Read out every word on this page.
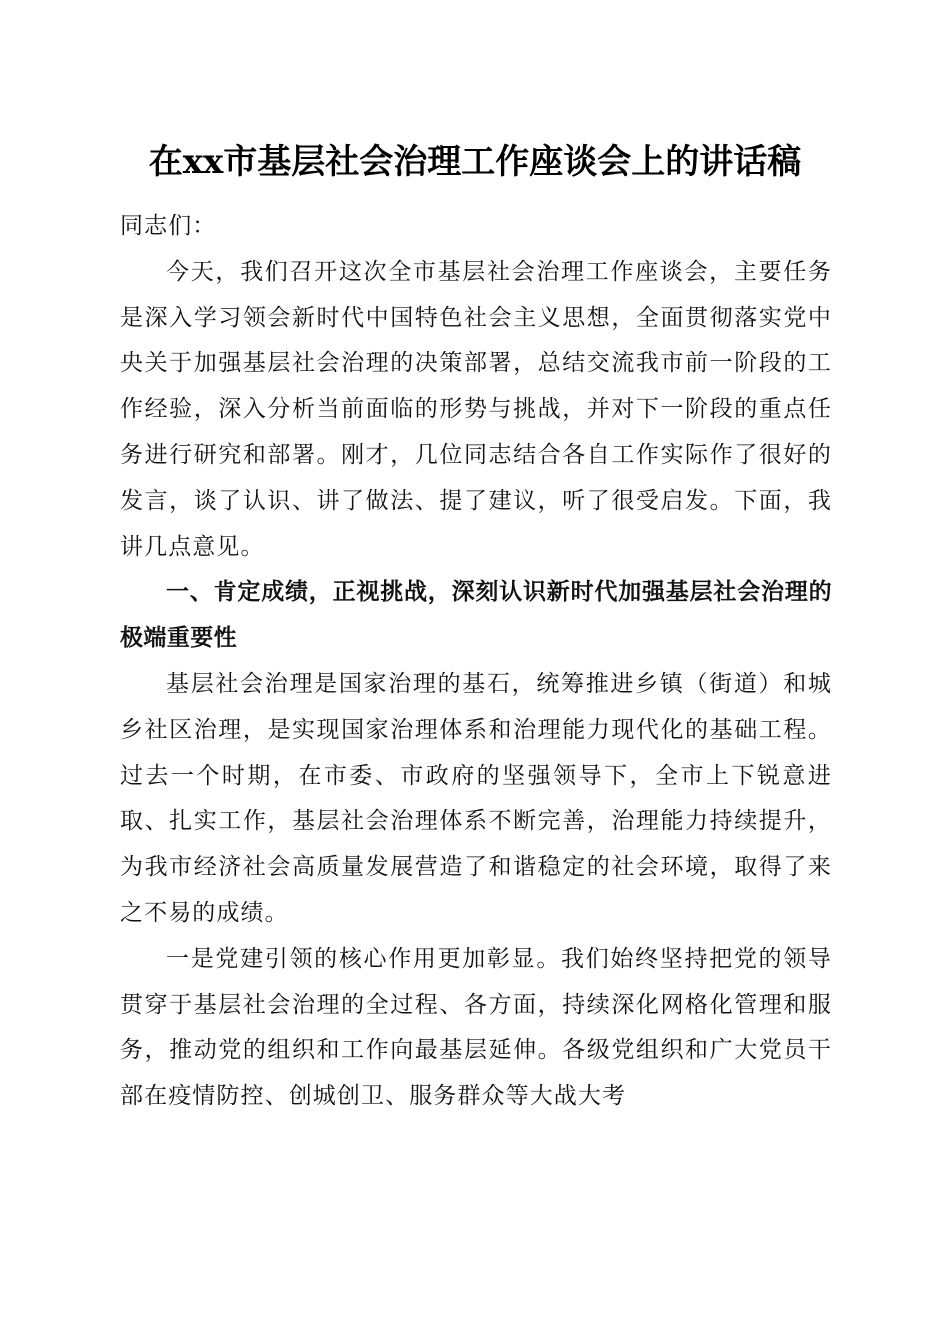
在xx市基层社会治理工作座谈会上的讲话稿

同志们：

今天，我们召开这次全市基层社会治理工作座谈会，主要任务是深入学习领会新时代中国特色社会主义思想，全面贯彻落实党中央关于加强基层社会治理的决策部署，总结交流我市前一阶段的工作经验，深入分析当前面临的形势与挑战，并对下一阶段的重点任务进行研究和部署。刚才，几位同志结合各自工作实际作了很好的发言，谈了认识、讲了做法、提了建议，听了很受启发。下面，我讲几点意见。

一、肯定成绩，正视挑战，深刻认识新时代加强基层社会治理的极端重要性

基层社会治理是国家治理的基石，统筹推进乡镇（街道）和城乡社区治理，是实现国家治理体系和治理能力现代化的基础工程。过去一个时期，在市委、市政府的坚强领导下，全市上下锐意进取、扎实工作，基层社会治理体系不断完善，治理能力持续提升，为我市经济社会高质量发展营造了和谐稳定的社会环境，取得了来之不易的成绩。

一是党建引领的核心作用更加彰显。我们始终坚持把党的领导贯穿于基层社会治理的全过程、各方面，持续深化网格化管理和服务，推动党的组织和工作向最基层延伸。各级党组织和广大党员干部在疫情防控、创城创卫、服务群众等大战大考
